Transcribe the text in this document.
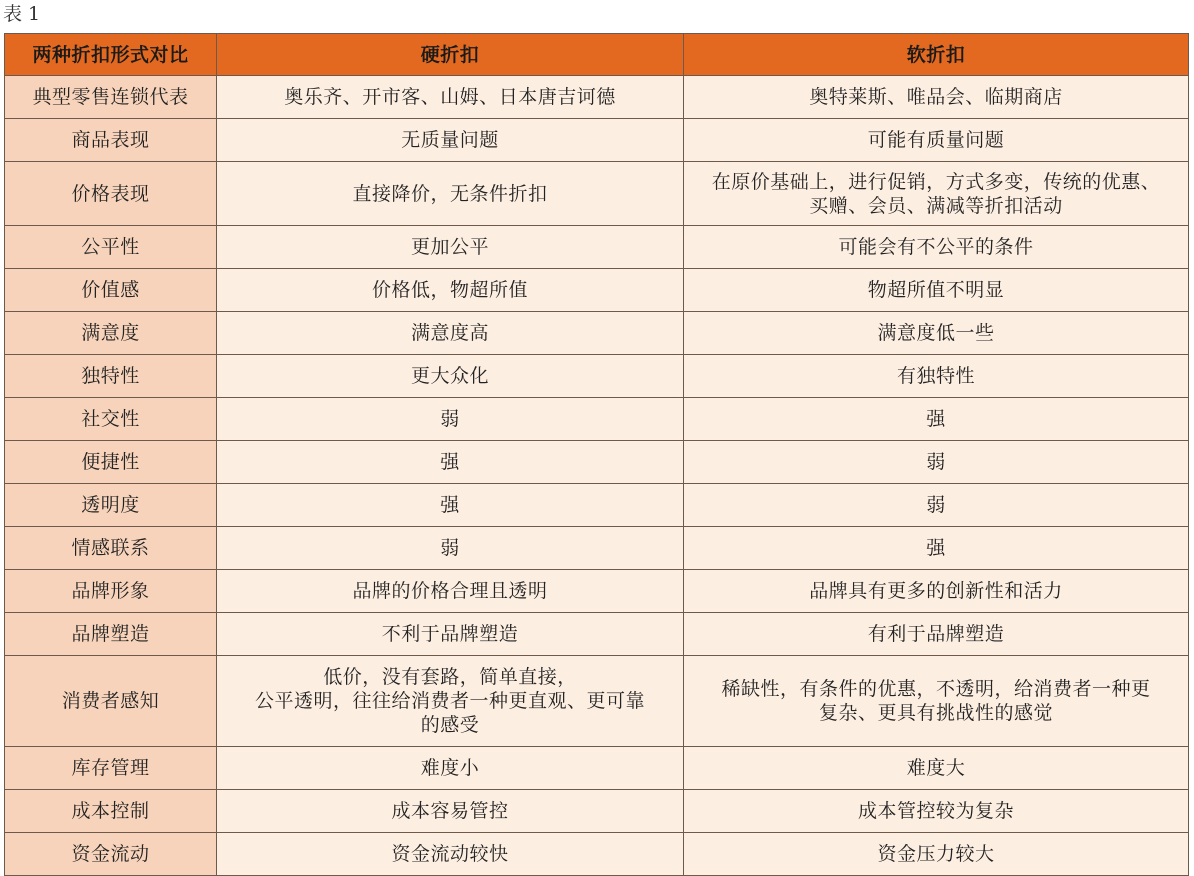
表 1
两种折扣形式对比	硬折扣	软折扣
典型零售连锁代表	奥乐齐、开市客、山姆、日本唐吉诃德	奥特莱斯、唯品会、临期商店

商品表现	无质量问题	可能有质量问题

价格表现	直接降价，无条件折扣	在原价基础上，进行促销，方式多变，传统的优惠、
买赠、会员、满减等折扣活动

公平性	更加公平	可能会有不公平的条件

价值感	价格低，物超所值	物超所值不明显

满意度	满意度高	满意度低一些

独特性	更大众化	有独特性

社交性	弱	强

便捷性	强	弱

透明度	强	弱

情感联系	弱	强

品牌形象	品牌的价格合理且透明	品牌具有更多的创新性和活力

品牌塑造	不利于品牌塑造	有利于品牌塑造

消费者感知	低价，没有套路，简单直接，
公平透明，往往给消费者一种更直观、更可靠
的感受	稀缺性，有条件的优惠，不透明，给消费者一种更
复杂、更具有挑战性的感觉

库存管理	难度小	难度大

成本控制	成本容易管控	成本管控较为复杂

资金流动	资金流动较快	资金压力较大
